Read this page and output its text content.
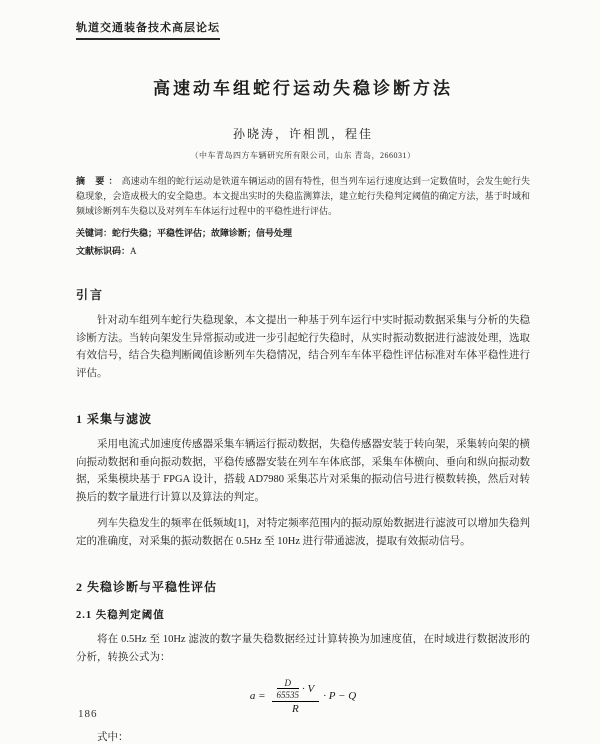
轨道交通装备技术高层论坛
高速动车组蛇行运动失稳诊断方法
孙晓涛，许相凯，程佳
（中车青岛四方车辆研究所有限公司，山东 青岛，266031）
摘 要：高速动车组的蛇行运动是铁道车辆运动的固有特性，但当列车运行速度达到一定数值时，会发生蛇行失稳现象，会造成极大的安全隐患。本文提出实时的失稳监测算法，建立蛇行失稳判定阈值的确定方法，基于时域和频域诊断列车失稳以及对列车车体运行过程中的平稳性进行评估。
关键词：蛇行失稳；平稳性评估；故障诊断；信号处理
文献标识码：A
引言

针对动车组列车蛇行失稳现象，本文提出一种基于列车运行中实时振动数据采集与分析的失稳诊断方法。当转向架发生异常振动或进一步引起蛇行失稳时，从实时振动数据进行滤波处理，选取有效信号，结合失稳判断阈值诊断列车失稳情况，结合列车车体平稳性评估标准对车体平稳性进行评估。

1 采集与滤波

采用电流式加速度传感器采集车辆运行振动数据，失稳传感器安装于转向架，采集转向架的横向振动数据和垂向振动数据，平稳传感器安装在列车车体底部，采集车体横向、垂向和纵向振动数据，采集模块基于 FPGA 设计，搭载 AD7980 采集芯片对采集的振动信号进行模数转换，然后对转换后的数字量进行计算以及算法的判定。

列车失稳发生的频率在低频域[1]，对特定频率范围内的振动原始数据进行滤波可以增加失稳判定的准确度，对采集的振动数据在 0.5Hz 至 10Hz 进行带通滤波，提取有效振动信号。

2 失稳诊断与平稳性评估
2.1 失稳判定阈值

将在 0.5Hz 至 10Hz 滤波的数字量失稳数据经过计算转换为加速度值，在时域进行数据波形的分析，转换公式为：

$a = \frac{\frac{D}{65535} \cdot V}{R} \cdot P - Q$
式中：
186
